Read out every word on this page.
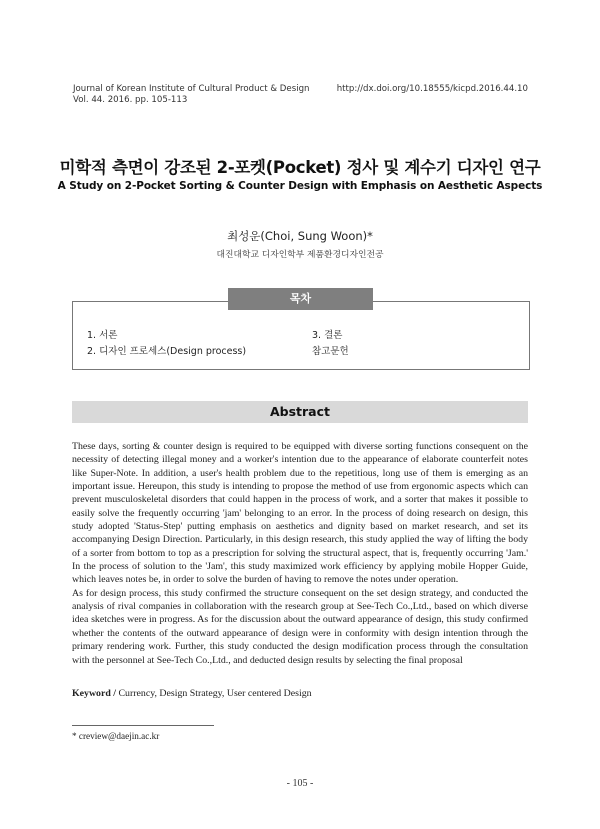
Journal of Korean Institute of Cultural Product & Design
Vol. 44. 2016. pp. 105-113
http://dx.doi.org/10.18555/kicpd.2016.44.10
미학적 측면이 강조된 2-포켓(Pocket) 정사 및 계수기 디자인 연구
A Study on 2-Pocket Sorting & Counter Design with Emphasis on Aesthetic Aspects
최성운(Choi, Sung Woon)*
대진대학교 디자인학부 제품환경디자인전공
목차
1. 서론
2. 디자인 프로세스(Design process)
3. 결론
참고문헌
Abstract

These days, sorting & counter design is required to be equipped with diverse sorting functions consequent on the necessity of detecting illegal money and a worker's intention due to the appearance of elaborate counterfeit notes like Super-Note. In addition, a user's health problem due to the repetitious, long use of them is emerging as an important issue. Hereupon, this study is intending to propose the method of use from ergonomic aspects which can prevent musculoskeletal disorders that could happen in the process of work, and a sorter that makes it possible to easily solve the frequently occurring 'jam' belonging to an error. In the process of doing research on design, this study adopted 'Status-Step' putting emphasis on aesthetics and dignity based on market research, and set its accompanying Design Direction. Particularly, in this design research, this study applied the way of lifting the body of a sorter from bottom to top as a prescription for solving the structural aspect, that is, frequently occurring 'Jam.' In the process of solution to the 'Jam', this study maximized work efficiency by applying mobile Hopper Guide, which leaves notes be, in order to solve the burden of having to remove the notes under operation.

As for design process, this study confirmed the structure consequent on the set design strategy, and conducted the analysis of rival companies in collaboration with the research group at See-Tech Co.,Ltd., based on which diverse idea sketches were in progress. As for the discussion about the outward appearance of design, this study confirmed whether the contents of the outward appearance of design were in conformity with design intention through the primary rendering work. Further, this study conducted the design modification process through the consultation with the personnel at See-Tech Co.,Ltd., and deducted design results by selecting the final proposal

Keyword / Currency, Design Strategy, User centered Design
* creview@daejin.ac.kr
- 105 -
